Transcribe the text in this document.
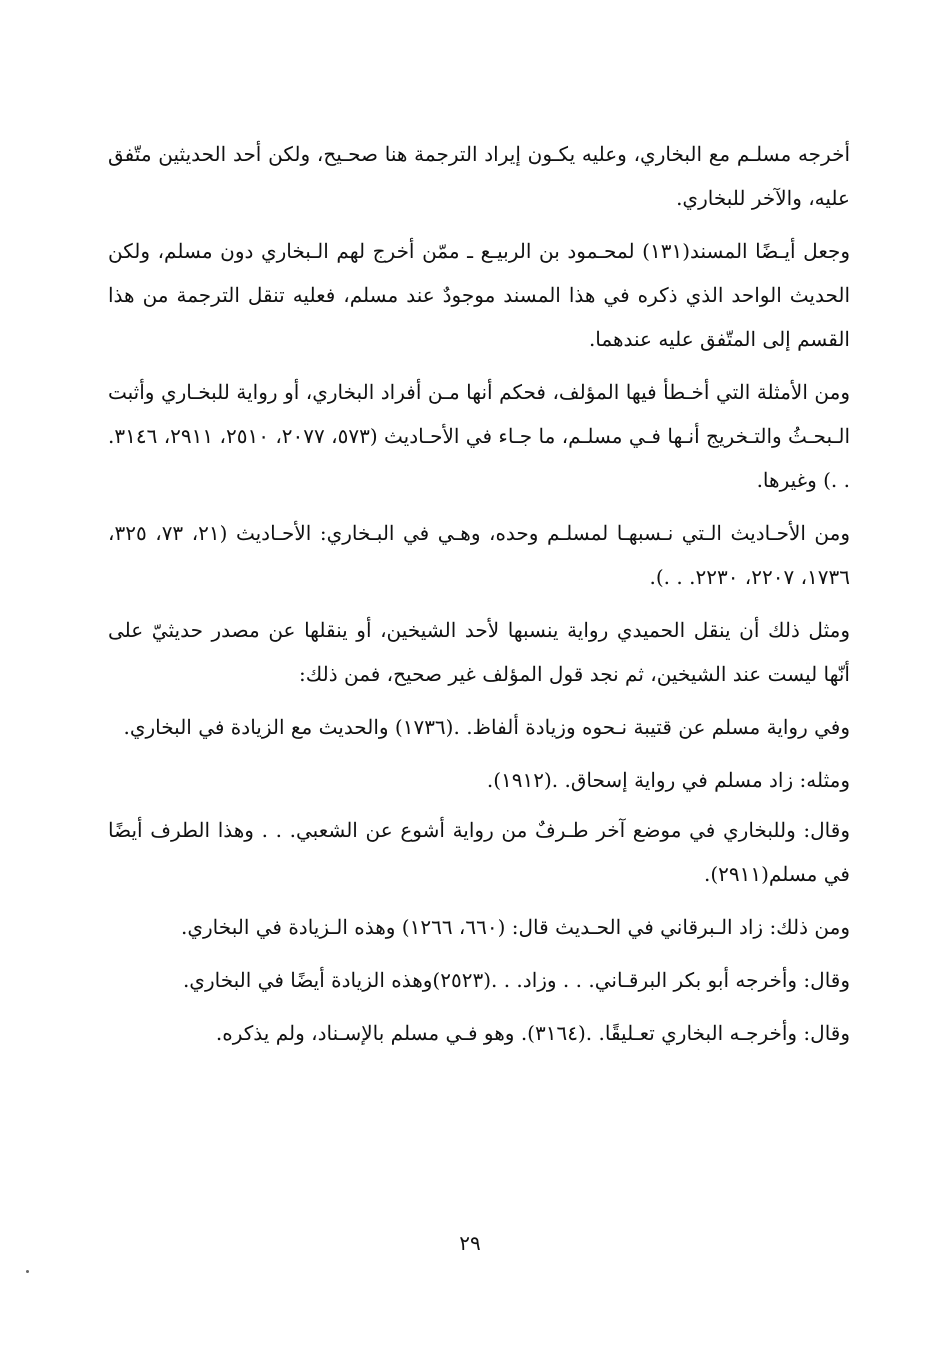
أخرجه مسلـم مع البخاري، وعليه يكـون إيراد الترجمة هنا صحـيح، ولكن أحد الحديثين متّفق عليه، والآخر للبخاري.

وجعل أيـضًا المسند(١٣١) لمحـمود بن الربيـع ـ ممّن أخرج لهم الـبخاري دون مسلم، ولكن الحديث الواحد الذي ذكره في هذا المسند موجودٌ عند مسلم، فعليه تنقل الترجمة من هذا القسم إلى المتّفق عليه عندهما.

ومن الأمثلة التي أخـطأ فيها المؤلف، فحكم أنها مـن أفراد البخاري، أو رواية للبخـاري وأثبت الـبحـثُ والتـخريج أنـها فـي مسلـم، ما جـاء في الأحـاديث (٥٧٣، ٢٠٧٧، ٢٥١٠، ٢٩١١، ٣١٤٦. . .) وغيرها.

ومن الأحـاديث الـتي نـسبهـا لمسلـم وحده، وهـي في البـخاري: الأحـاديث (٢١، ٧٣، ٣٢٥، ١٧٣٦، ٢٢٠٧، ٢٢٣٠. . .).

ومثل ذلك أن ينقل الحميدي رواية ينسبها لأحد الشيخين، أو ينقلها عن مصدر حديثيّ على أنّها ليست عند الشيخين، ثم نجد قول المؤلف غير صحيح، فمن ذلك:

وفي رواية مسلم عن قتيبة نـحوه وزيادة ألفاظ. .(١٧٣٦) والحديث مع الزيادة في البخاري.

ومثله: زاد مسلم في رواية إسحاق. .(١٩١٢).

وقال: وللبخاري في موضع آخر طـرفٌ من رواية أشوع عن الشعبي. . . وهذا الطرف أيضًا في مسلم(٢٩١١).

ومن ذلك: زاد الـبرقاني في الحـديث قال: (٦٦٠، ١٢٦٦) وهذه الـزيادة في البخاري.

وقال: وأخرجه أبو بكر البرقـاني. . . وزاد. . .(٢٥٢٣)وهذه الزيادة أيضًا في البخاري.

وقال: وأخرجـه البخاري تعـليقًا. .(٣١٦٤). وهو فـي مسلم بالإسـناد، ولم يذكره.

٢٩
